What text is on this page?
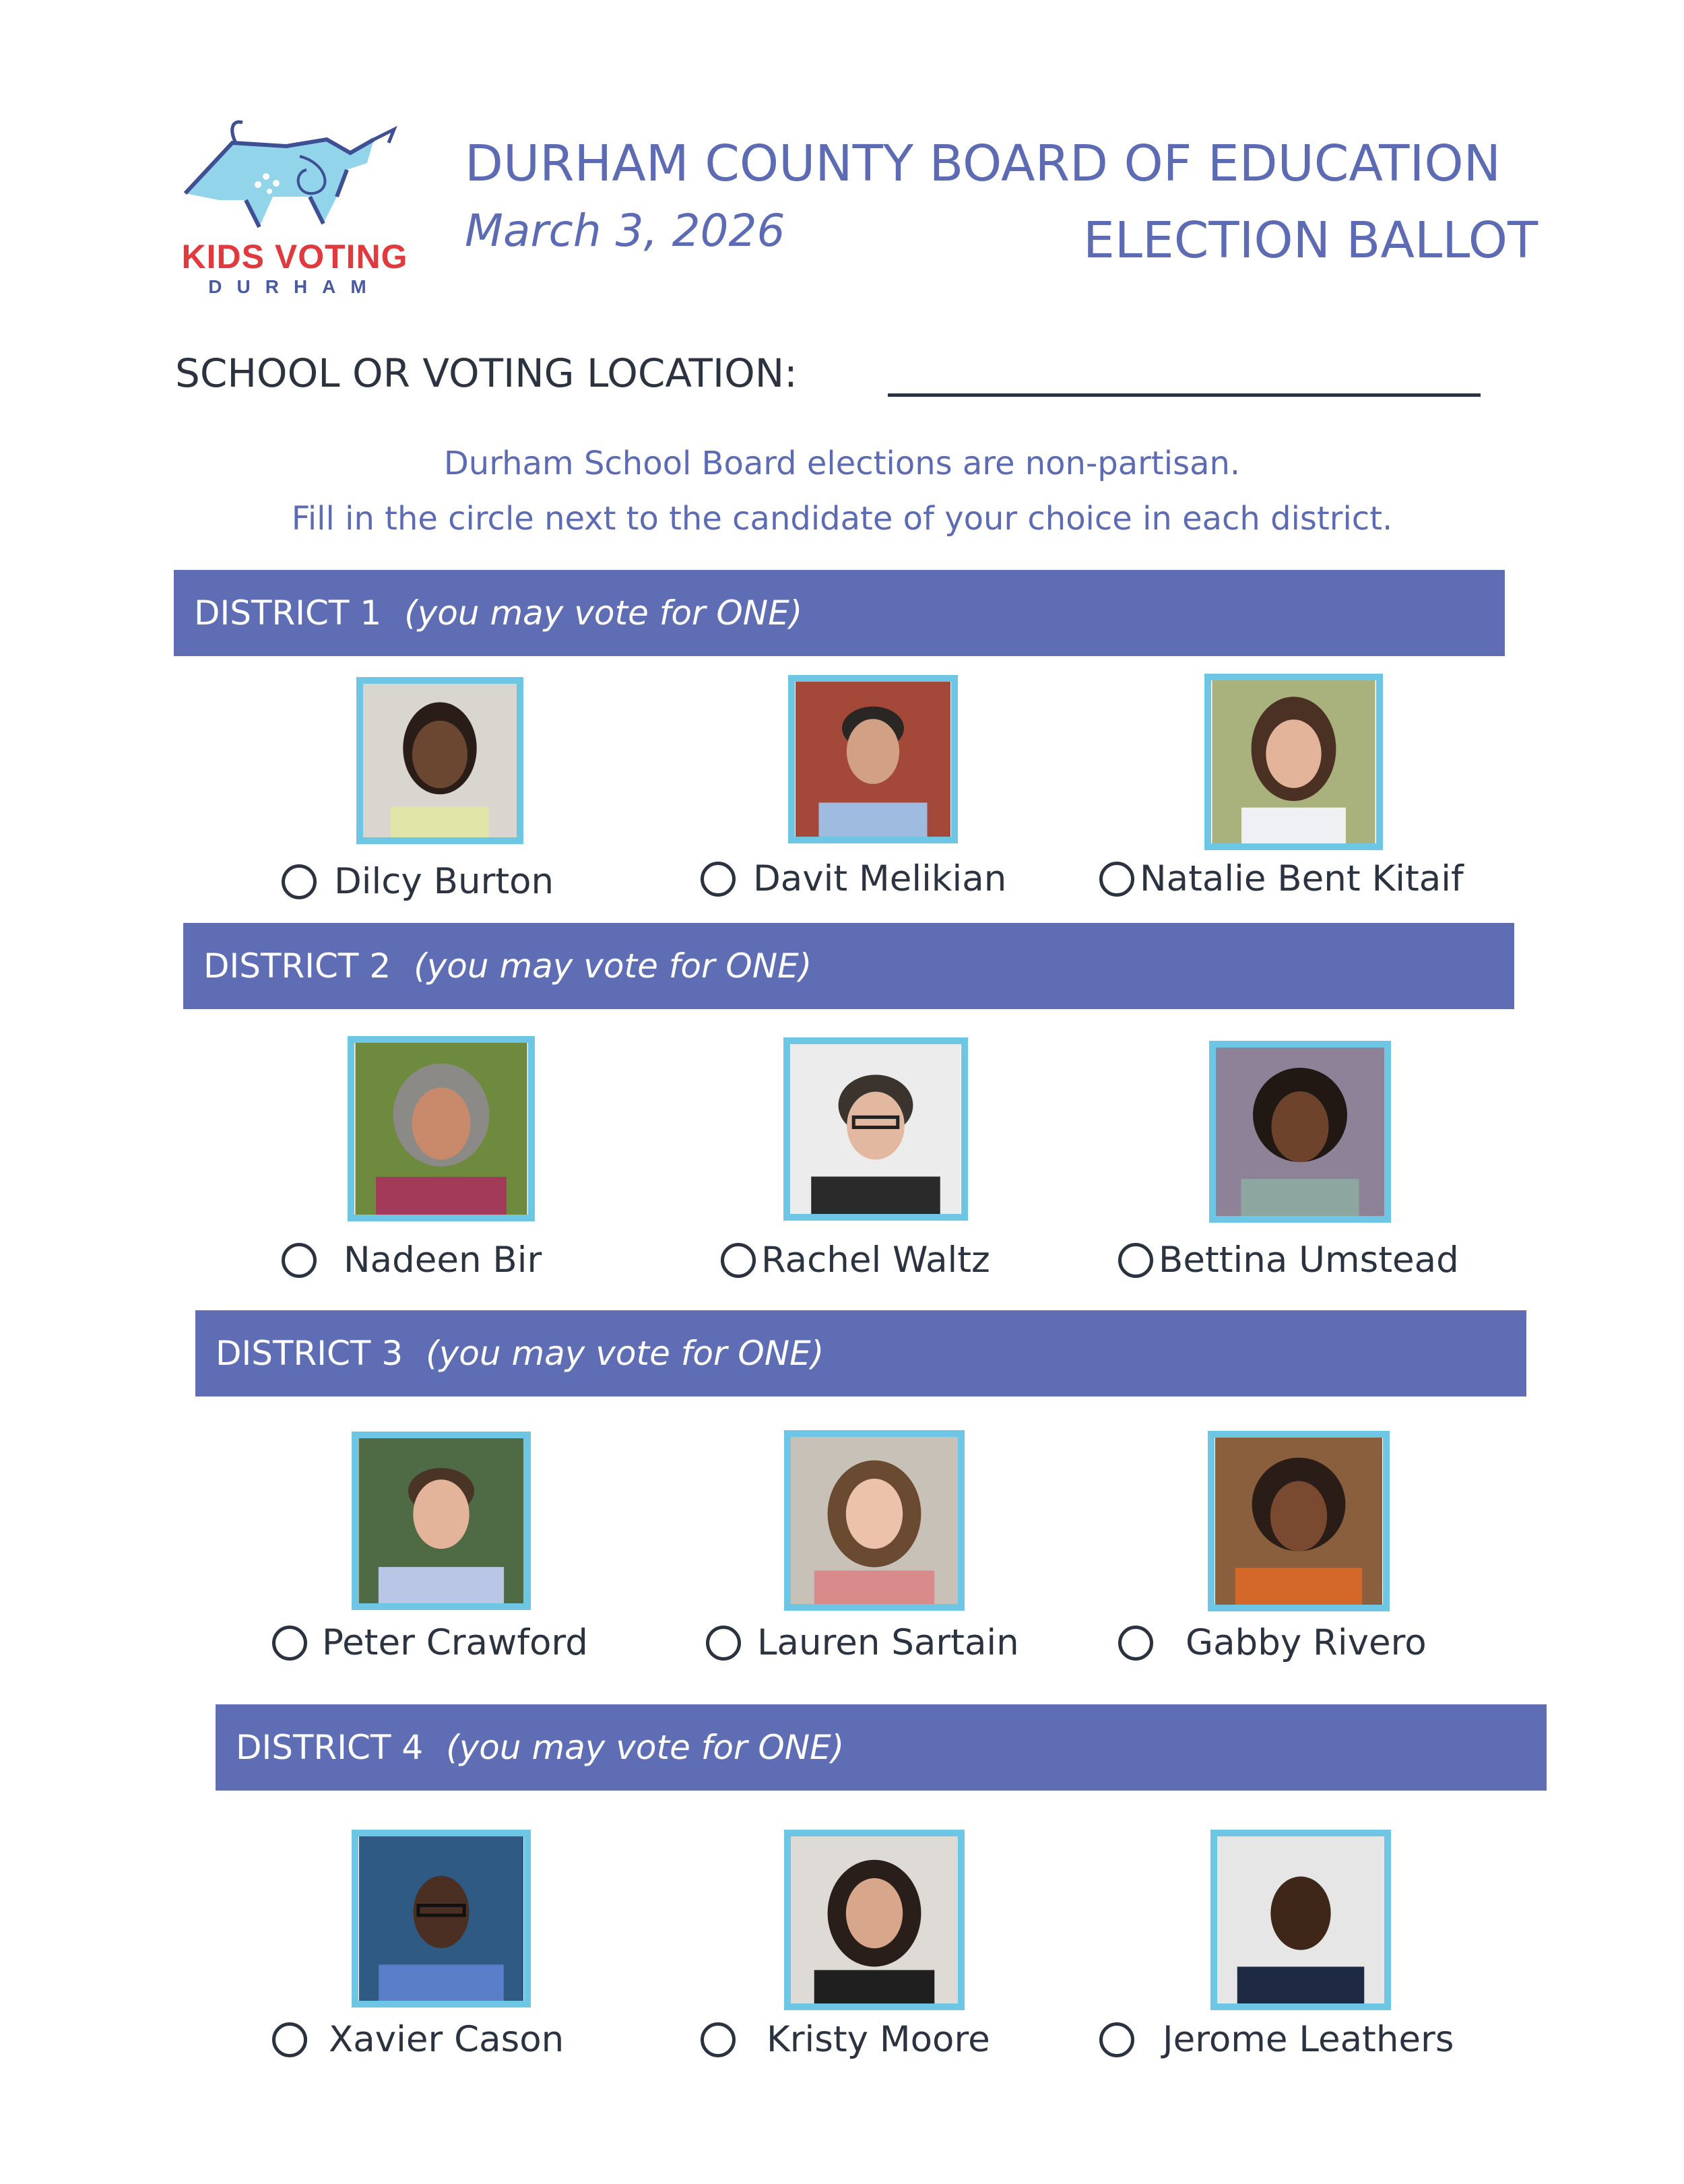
KIDS VOTING
DURHAM
DURHAM COUNTY BOARD OF EDUCATION
March 3, 2026	ELECTION BALLOT
SCHOOL OR VOTING LOCATION:
Durham School Board elections are non-partisan.
Fill in the circle next to the candidate of your choice in each district.
DISTRICT 1 (you may vote for ONE)
Dilcy Burton	Davit Melikian	Natalie Bent Kitaif
DISTRICT 2 (you may vote for ONE)
Nadeen Bir	Rachel Waltz	Bettina Umstead
DISTRICT 3 (you may vote for ONE)
Peter Crawford	Lauren Sartain	Gabby Rivero
DISTRICT 4 (you may vote for ONE)
Xavier Cason	Kristy Moore	Jerome Leathers
